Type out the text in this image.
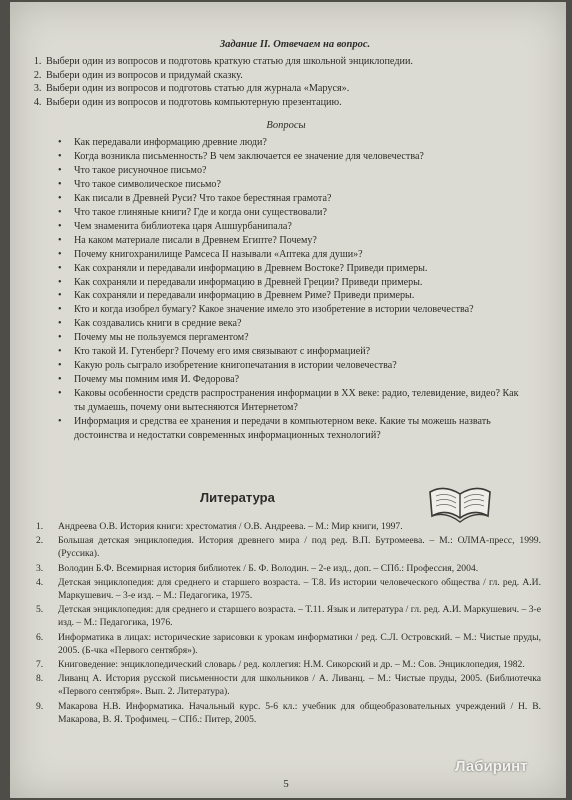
Задание II. Отвечаем на вопрос.
1. Выбери один из вопросов и подготовь краткую статью для школьной энциклопедии.
2. Выбери один из вопросов и придумай сказку.
3. Выбери один из вопросов и подготовь статью для журнала «Маруся».
4. Выбери один из вопросов и подготовь компьютерную презентацию.
Вопросы
• Как передавали информацию древние люди?
• Когда возникла письменность? В чем заключается ее значение для человечества?
• Что такое рисуночное письмо?
• Что такое символическое письмо?
• Как писали в Древней Руси? Что такое берестяная грамота?
• Что такое глиняные книги? Где и когда они существовали?
• Чем знаменита библиотека царя Ашшурбанипала?
• На каком материале писали в Древнем Египте? Почему?
• Почему книгохранилище Рамсеса II называли «Аптека для души»?
• Как сохраняли и передавали информацию в Древнем Востоке? Приведи примеры.
• Как сохраняли и передавали информацию в Древней Греции? Приведи примеры.
• Как сохраняли и передавали информацию в Древнем Риме? Приведи примеры.
• Кто и когда изобрел бумагу? Какое значение имело это изобретение в истории человечества?
• Как создавались книги в средние века?
• Почему мы не пользуемся пергаментом?
• Кто такой И. Гутенберг? Почему его имя связывают с информацией?
• Какую роль сыграло изобретение книгопечатания в истории человечества?
• Почему мы помним имя И. Федорова?
• Каковы особенности средств распространения информации в XX веке: радио, телевидение, видео? Как ты думаешь, почему они вытесняются Интернетом?
• Информация и средства ее хранения и передачи в компьютерном веке. Какие ты можешь назвать достоинства и недостатки современных информационных технологий?
Литература
1.	Андреева О.В. История книги: хрестоматия / О.В. Андреева. – М.: Мир книги, 1997.
2.	Большая детская энциклопедия. История древнего мира / под ред. В.П. Бутромеева. – М.: ОЛМА-пресс, 1999. (Руссика).
3.	Володин Б.Ф. Всемирная история библиотек / Б. Ф. Володин. – 2-е изд., доп. – СПб.: Профессия, 2004.
4.	Детская энциклопедия: для среднего и старшего возраста. – Т.8. Из истории человеческого общества / гл. ред. А.И. Маркушевич. – 3-е изд. – М.: Педагогика, 1975.
5.	Детская энциклопедия: для среднего и старшего возраста. – Т.11. Язык и литература / гл. ред. А.И. Маркушевич. – 3-е изд. – М.: Педагогика, 1976.
6.	Информатика в лицах: исторические зарисовки к урокам информатики / ред. С.Л. Островский. – М.: Чистые пруды, 2005. (Б-чка «Первого сентября»).
7.	Книговедение: энциклопедический словарь / ред. коллегия: Н.М. Сикорский и др. – М.: Сов. Энциклопедия, 1982.
8.	Ливанц А. История русской письменности для школьников / А. Ливанц. – М.: Чистые пруды, 2005. (Библиотечка «Первого сентября». Вып. 2. Литература).
9.	Макарова Н.В. Информатика. Начальный курс. 5-6 кл.: учебник для общеобразовательных учреждений / Н. В. Макарова, В. Я. Трофимец. – СПб.: Питер, 2005.
Лабиринт
5
